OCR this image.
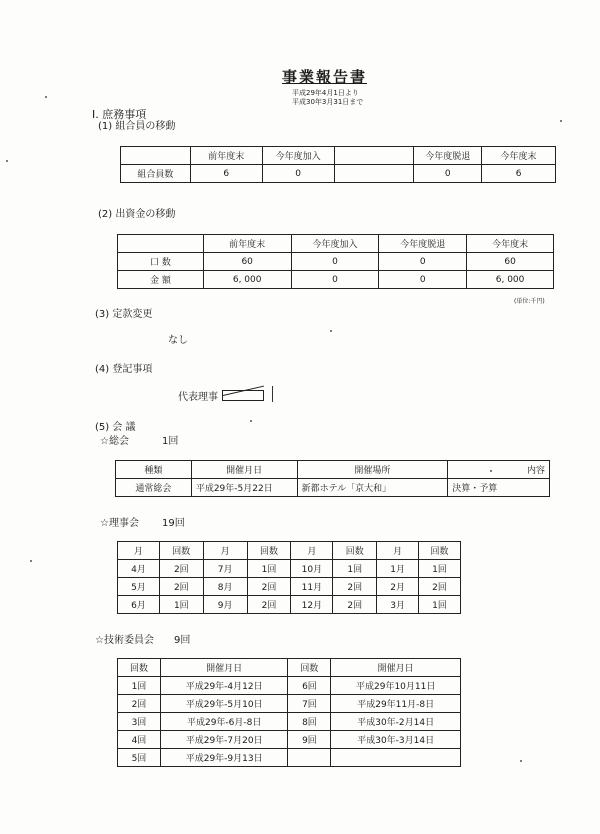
事業報告書
平成29年4月1日より
平成30年3月31日まで
Ⅰ. 庶務事項
(1) 組合員の移動
	前年度末	今年度加入		今年度脱退	今年度末
組合員数	6	0		0	6
(2) 出資金の移動
	前年度末	今年度加入	今年度脱退	今年度末
口 数	60	0	0	60
金 額	6, 000	0	0	6, 000
(単位:千円)
(3) 定款変更
なし
(4) 登記事項
代表理事
(5) 会 議
☆総会	1回
種類	開催月日	開催場所	内容
通常総会	平成29年-5月22日	新都ホテル「京大和」	決算・予算
☆理事会 19回
月	回数	月	回数	月	回数	月	回数
4月	2回	7月	1回	10月	1回	1月	1回
5月	2回	8月	2回	11月	2回	2月	2回
6月	1回	9月	2回	12月	2回	3月	1回
☆技術委員会 9回
回数	開催月日	回数	開催月日
1回	平成29年-4月12日	6回	平成29年10月11日
2回	平成29年-5月10日	7回	平成29年11月-8日
3回	平成29年-6月-8日	8回	平成30年-2月14日
4回	平成29年-7月20日	9回	平成30年-3月14日
5回	平成29年-9月13日		
